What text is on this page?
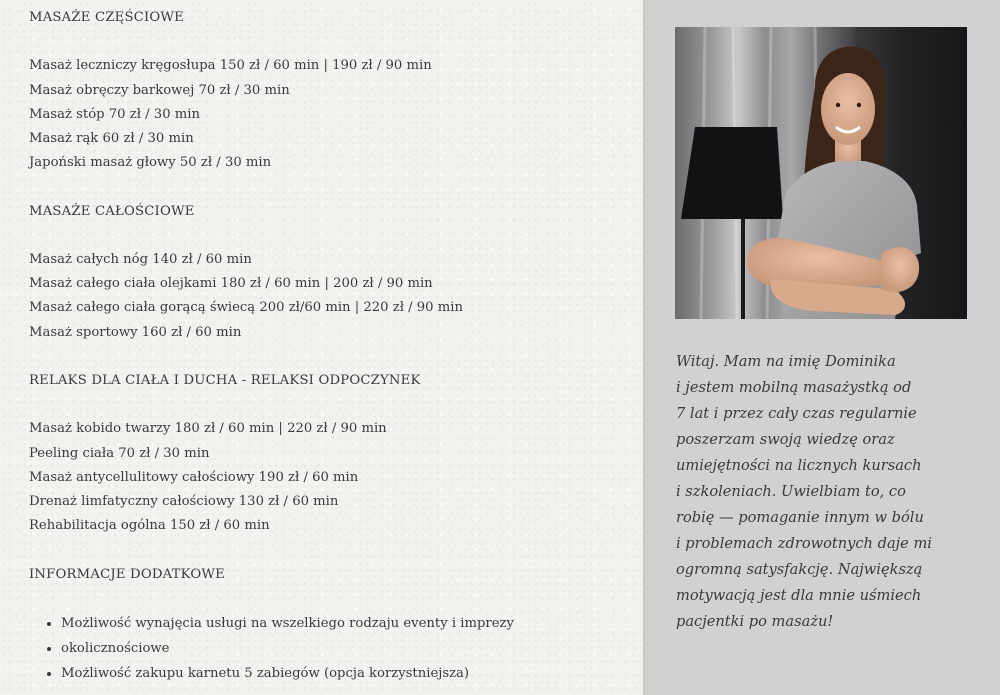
MASAŻE CZĘŚCIOWE
Masaż leczniczy kręgosłupa 150 zł / 60 min | 190 zł / 90 min
Masaż obręczy barkowej 70 zł / 30 min
Masaż stóp 70 zł / 30 min
Masaż rąk 60 zł / 30 min
Japoński masaż głowy 50 zł / 30 min
MASAŻE CAŁOŚCIOWE
Masaż całych nóg 140 zł / 60 min
Masaż całego ciała olejkami 180 zł / 60 min | 200 zł / 90 min
Masaż całego ciała gorącą świecą 200 zł/60 min | 220 zł / 90 min
Masaż sportowy 160 zł / 60 min
RELAKS DLA CIAŁA I DUCHA - RELAKSI ODPOCZYNEK
Masaż kobido twarzy 180 zł / 60 min | 220 zł / 90 min
Peeling ciała 70 zł / 30 min
Masaż antycellulitowy całościowy 190 zł / 60 min
Drenaż limfatyczny całościowy 130 zł / 60 min
Rehabilitacja ogólna 150 zł / 60 min
INFORMACJE DODATKOWE
• Możliwość wynajęcia usługi na wszelkiego rodzaju eventy i imprezy
• okolicznościowe
• Możliwość zakupu karnetu 5 zabiegów (opcja korzystniejsza)
Witaj. Mam na imię Dominika
i jestem mobilną masażystką od
7 lat i przez cały czas regularnie
poszerzam swoją wiedzę oraz
umiejętności na licznych kursach
i szkoleniach. Uwielbiam to, co
robię — pomaganie innym w bólu
i problemach zdrowotnych daje mi
ogromną satysfakcję. Największą
motywacją jest dla mnie uśmiech
pacjentki po masażu!
